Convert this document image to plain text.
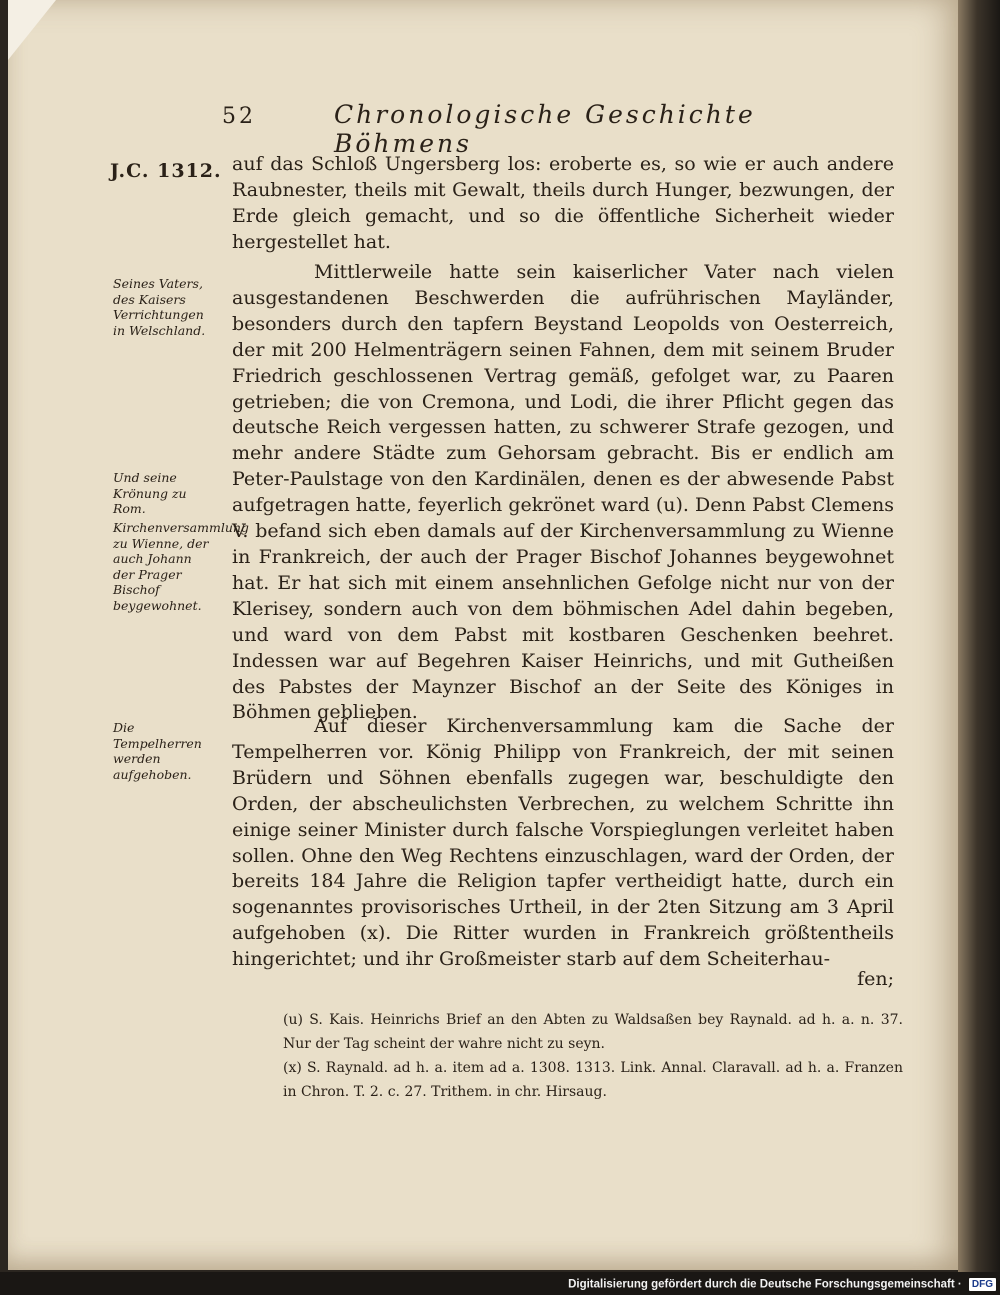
52	Chronologische Geschichte Böhmens
J.C. 1312.
Seines Vaters, des Kaisers Verrichtungen in Welschland.
Und seine Krönung zu Rom.
Kirchenversammlung zu Wienne, der auch Johann der Prager Bischof beygewohnet.
Die Tempelherren werden aufgehoben.
auf das Schloß Ungersberg los: eroberte es, so wie er auch andere Raubnester, theils mit Gewalt, theils durch Hunger, bezwungen, der Erde gleich gemacht, und so die öffentliche Sicherheit wieder hergestellet hat.
Mittlerweile hatte sein kaiserlicher Vater nach vielen ausgestandenen Beschwerden die aufrührischen Mayländer, besonders durch den tapfern Beystand Leopolds von Oesterreich, der mit 200 Helmenträgern seinen Fahnen, dem mit seinem Bruder Friedrich geschlossenen Vertrag gemäß, gefolget war, zu Paaren getrieben; die von Cremona, und Lodi, die ihrer Pflicht gegen das deutsche Reich vergessen hatten, zu schwerer Strafe gezogen, und mehr andere Städte zum Gehorsam gebracht. Bis er endlich am Peter-Paulstage von den Kardinälen, denen es der abwesende Pabst aufgetragen hatte, feyerlich gekrönet ward (u). Denn Pabst Clemens V. befand sich eben damals auf der Kirchenversammlung zu Wienne in Frankreich, der auch der Prager Bischof Johannes beygewohnet hat. Er hat sich mit einem ansehnlichen Gefolge nicht nur von der Klerisey, sondern auch von dem böhmischen Adel dahin begeben, und ward von dem Pabst mit kostbaren Geschenken beehret. Indessen war auf Begehren Kaiser Heinrichs, und mit Gutheißen des Pabstes der Maynzer Bischof an der Seite des Königes in Böhmen geblieben.
Auf dieser Kirchenversammlung kam die Sache der Tempelherren vor. König Philipp von Frankreich, der mit seinen Brüdern und Söhnen ebenfalls zugegen war, beschuldigte den Orden, der abscheulichsten Verbrechen, zu welchem Schritte ihn einige seiner Minister durch falsche Vorspieglungen verleitet haben sollen. Ohne den Weg Rechtens einzuschlagen, ward der Orden, der bereits 184 Jahre die Religion tapfer vertheidigt hatte, durch ein sogenanntes provisorisches Urtheil, in der 2ten Sitzung am 3 April aufgehoben (x). Die Ritter wurden in Frankreich größtentheils hingerichtet; und ihr Großmeister starb auf dem Scheiterhau-
fen;
(u) S. Kais. Heinrichs Brief an den Abten zu Waldsaßen bey Raynald. ad h. a. n. 37. Nur der Tag scheint der wahre nicht zu seyn.
(x) S. Raynald. ad h. a. item ad a. 1308. 1313. Link. Annal. Claravall. ad h. a. Franzen in Chron. T. 2. c. 27. Trithem. in chr. Hirsaug.
Digitalisierung gefördert durch die Deutsche Forschungsgemeinschaft · DFG
